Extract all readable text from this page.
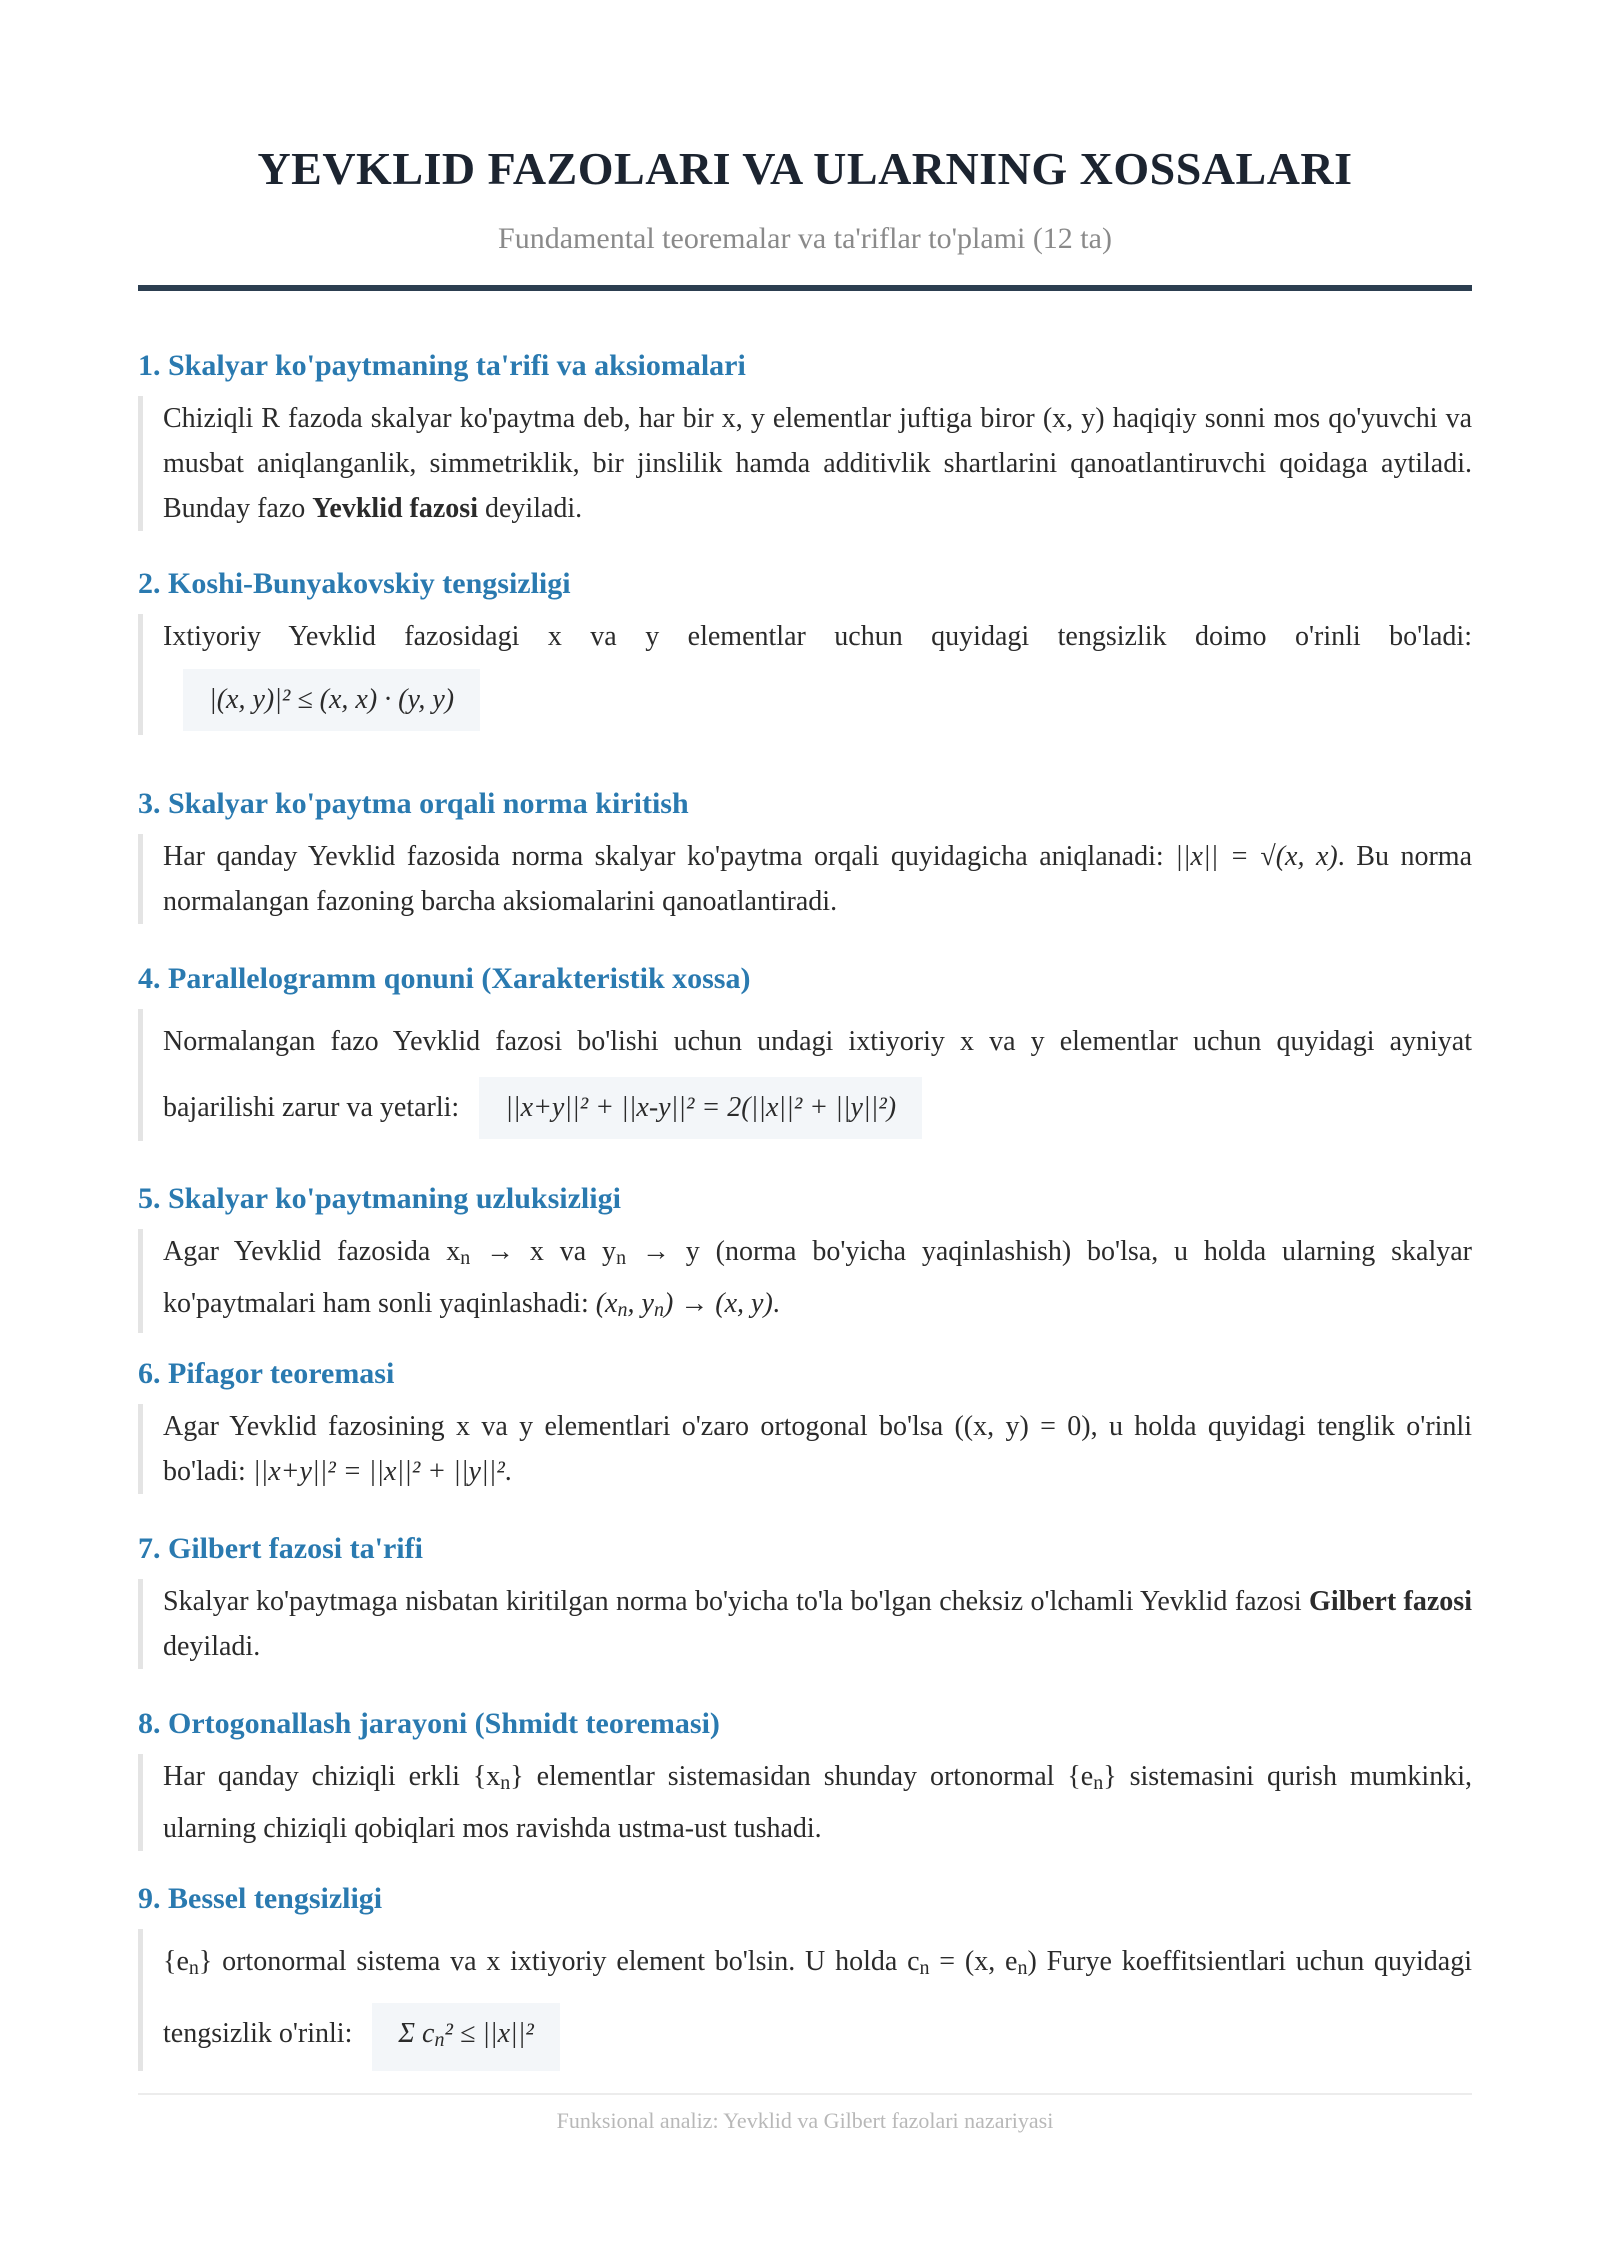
YEVKLID FAZOLARI VA ULARNING XOSSALARI
Fundamental teoremalar va ta'riflar to'plami (12 ta)
1. Skalyar ko'paytmaning ta'rifi va aksiomalari
Chiziqli R fazoda skalyar ko'paytma deb, har bir x, y elementlar juftiga biror (x, y) haqiqiy sonni mos qo'yuvchi va musbat aniqlanganlik, simmetriklik, bir jinslilik hamda additivlik shartlarini qanoatlantiruvchi qoidaga aytiladi. Bunday fazo Yevklid fazosi deyiladi.
2. Koshi-Bunyakovskiy tengsizligi
Ixtiyoriy Yevklid fazosidagi x va y elementlar uchun quyidagi tengsizlik doimo o'rinli bo'ladi:
|(x, y)|² ≤ (x, x) · (y, y)
3. Skalyar ko'paytma orqali norma kiritish
Har qanday Yevklid fazosida norma skalyar ko'paytma orqali quyidagicha aniqlanadi: ||x|| = √(x, x). Bu norma normalangan fazoning barcha aksiomalarini qanoatlantiradi.
4. Parallelogramm qonuni (Xarakteristik xossa)
Normalangan fazo Yevklid fazosi bo'lishi uchun undagi ixtiyoriy x va y elementlar uchun quyidagi ayniyat bajarilishi zarur va yetarli: ||x+y||² + ||x-y||² = 2(||x||² + ||y||²)
5. Skalyar ko'paytmaning uzluksizligi
Agar Yevklid fazosida $x_n \to x$ va $y_n \to y$ (norma bo'yicha yaqinlashish) bo'lsa, u holda ularning skalyar ko'paytmalari ham sonli yaqinlashadi: ($x_n$, $y_n) \to (x$, y).
6. Pifagor teoremasi
Agar Yevklid fazosining x va y elementlari o'zaro ortogonal bo'lsa ((x, y) = 0), u holda quyidagi tenglik o'rinli bo'ladi: ||x+y||² = ||x||² + ||y||².
7. Gilbert fazosi ta'rifi
Skalyar ko'paytmaga nisbatan kiritilgan norma bo'yicha to'la bo'lgan cheksiz o'lchamli Yevklid fazosi Gilbert fazosi deyiladi.
8. Ortogonallash jarayoni (Shmidt teoremasi)
Har qanday chiziqli erkli $\{x_n\}$ elementlar sistemasidan shunday ortonormal $\{e_n\}$ sistemasini qurish mumkinki, ularning chiziqli qobiqlari mos ravishda ustma-ust tushadi.
9. Bessel tengsizligi
$\{e_n\}$ ortonormal sistema va x ixtiyoriy element bo'lsin. U holda $c_n = (x$, $e_n$) Furye koeffitsientlari uchun quyidagi tengsizlik o'rinli: Σ $c_n^2 \le ||x||^2$
Funksional analiz: Yevklid va Gilbert fazolari nazariyasi
